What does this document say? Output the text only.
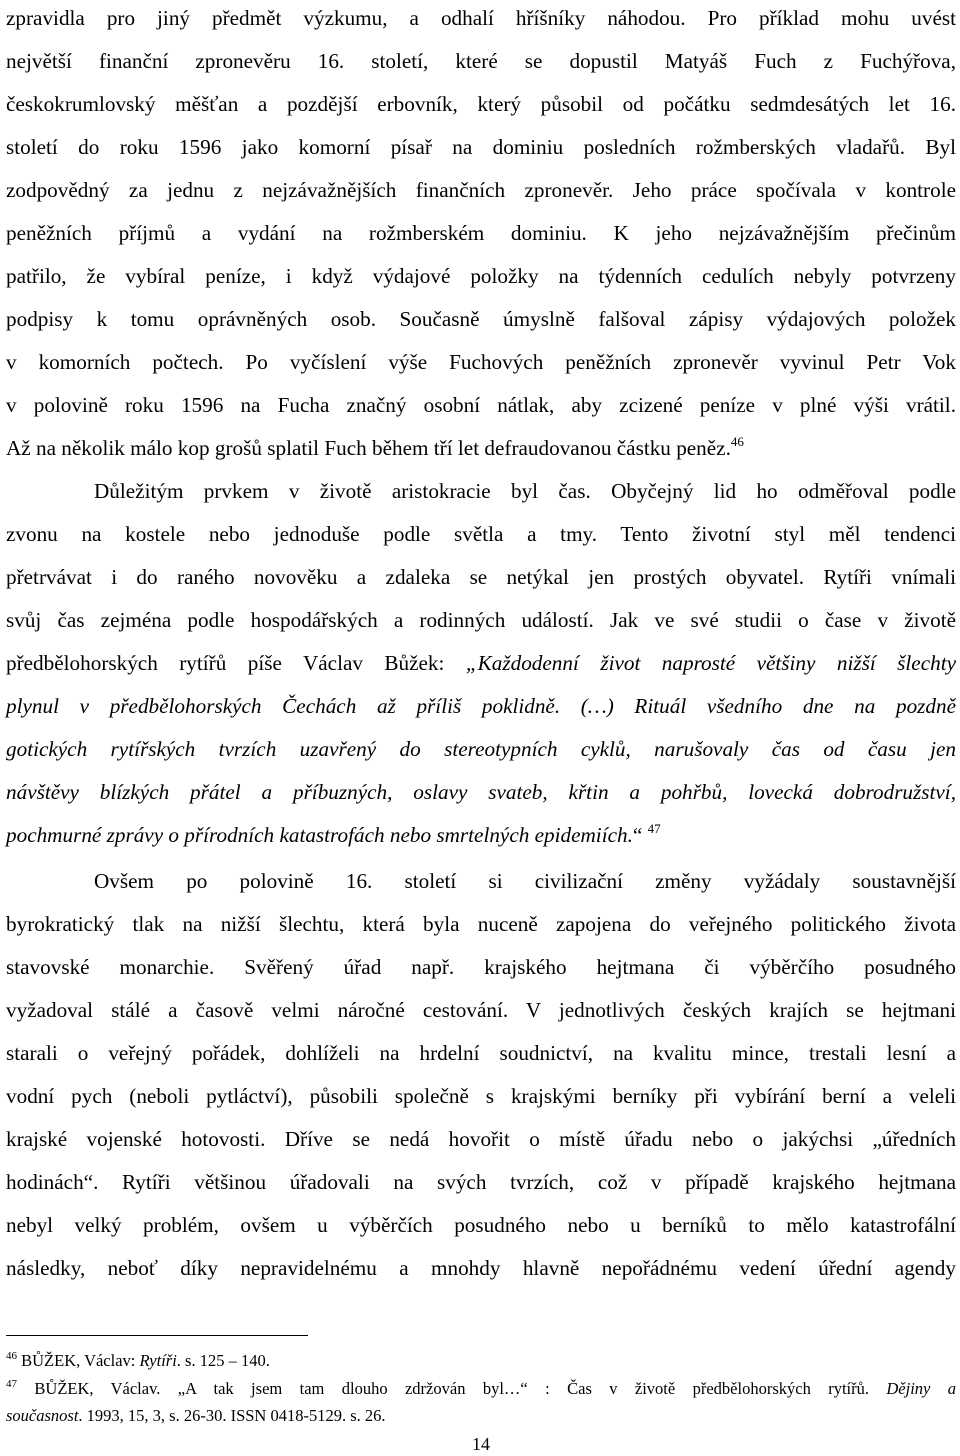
zpravidla pro jiný předmět výzkumu, a odhalí hříšníky náhodou. Pro příklad mohu uvést
největší finanční zpronevěru 16. století, které se dopustil Matyáš Fuch z Fuchýřova,
českokrumlovský měšťan a pozdější erbovník, který působil od počátku sedmdesátých let 16.
století do roku 1596 jako komorní písař na dominiu posledních rožmberských vladařů. Byl
zodpovědný za jednu z nejzávažnějších finančních zpronevěr. Jeho práce spočívala v kontrole
peněžních příjmů a vydání na rožmberském dominiu. K jeho nejzávažnějším přečinům
patřilo, že vybíral peníze, i když výdajové položky na týdenních cedulích nebyly potvrzeny
podpisy k tomu oprávněných osob. Současně úmyslně falšoval zápisy výdajových položek
v komorních počtech. Po vyčíslení výše Fuchových peněžních zpronevěr vyvinul Petr Vok
v polovině roku 1596 na Fucha značný osobní nátlak, aby zcizené peníze v plné výši vrátil.
Až na několik málo kop grošů splatil Fuch během tří let defraudovanou částku peněz.$^{46}$
Důležitým prvkem v životě aristokracie byl čas. Obyčejný lid ho odměřoval podle
zvonu na kostele nebo jednoduše podle světla a tmy. Tento životní styl měl tendenci
přetrvávat i do raného novověku a zdaleka se netýkal jen prostých obyvatel. Rytíři vnímali
svůj čas zejména podle hospodářských a rodinných událostí. Jak ve své studii o čase v životě
předbělohorských rytířů píše Václav Bůžek: „Každodenní život naprosté většiny nižší šlechty
plynul v předbělohorských Čechách až příliš poklidně. (…) Rituál všedního dne na pozdně
gotických rytířských tvrzích uzavřený do stereotypních cyklů, narušovaly čas od času jen
návštěvy blízkých přátel a příbuzných, oslavy svateb, křtin a pohřbů, lovecká dobrodružství,
pochmurné zprávy o přírodních katastrofách nebo smrtelných epidemiích.“ $^{47}$
Ovšem po polovině 16. století si civilizační změny vyžádaly soustavnější
byrokratický tlak na nižší šlechtu, která byla nuceně zapojena do veřejného politického života
stavovské monarchie. Svěřený úřad např. krajského hejtmana či výběrčího posudného
vyžadoval stálé a časově velmi náročné cestování. V jednotlivých českých krajích se hejtmani
starali o veřejný pořádek, dohlíželi na hrdelní soudnictví, na kvalitu mince, trestali lesní a
vodní pych (neboli pytláctví), působili společně s krajskými berníky při vybírání berní a veleli
krajské vojenské hotovosti. Dříve se nedá hovořit o místě úřadu nebo o jakýchsi „úředních
hodinách“. Rytíři většinou úřadovali na svých tvrzích, což v případě krajského hejtmana
nebyl velký problém, ovšem u výběrčích posudného nebo u berníků to mělo katastrofální
následky, neboť díky nepravidelnému a mnohdy hlavně nepořádnému vedení úřední agendy
$^{46}$ BŮŽEK, Václav: Rytíři. s. 125 – 140.
$^{47}$ BŮŽEK, Václav. „A tak jsem tam dlouho zdržován byl…“ : Čas v životě předbělohorských rytířů. Dějiny a
současnost. 1993, 15, 3, s. 26-30. ISSN 0418-5129. s. 26.
14
